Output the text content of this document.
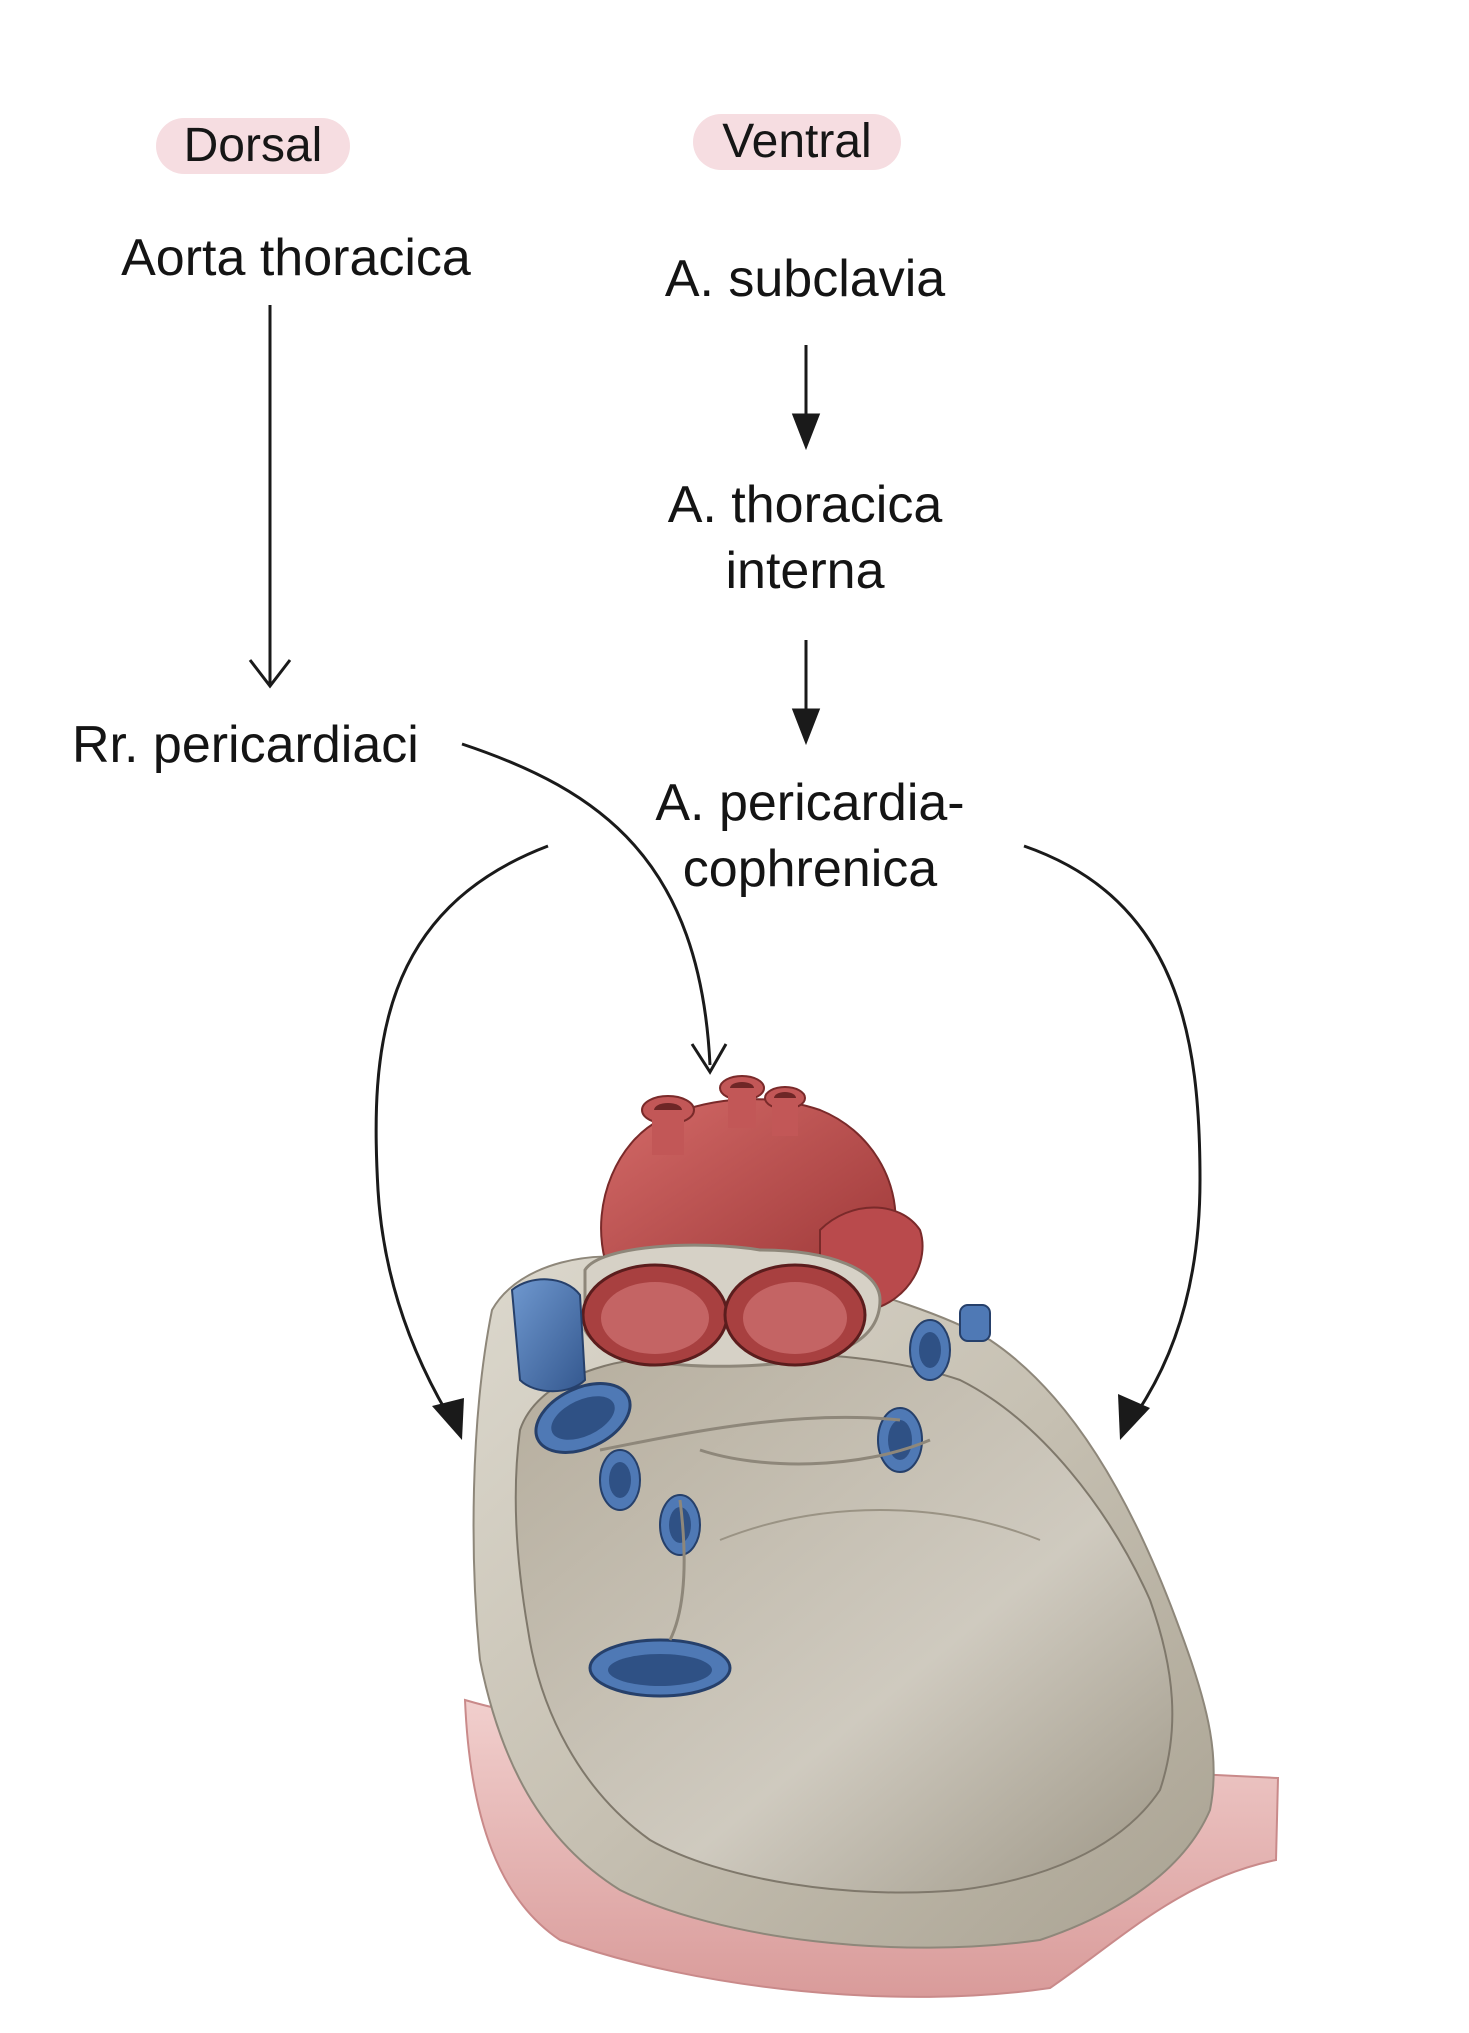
Dorsal	Ventral
Aorta thoracica	A. subclavia
A. thoracica
interna
Rr. pericardiaci
A. pericardia-
cophrenica
